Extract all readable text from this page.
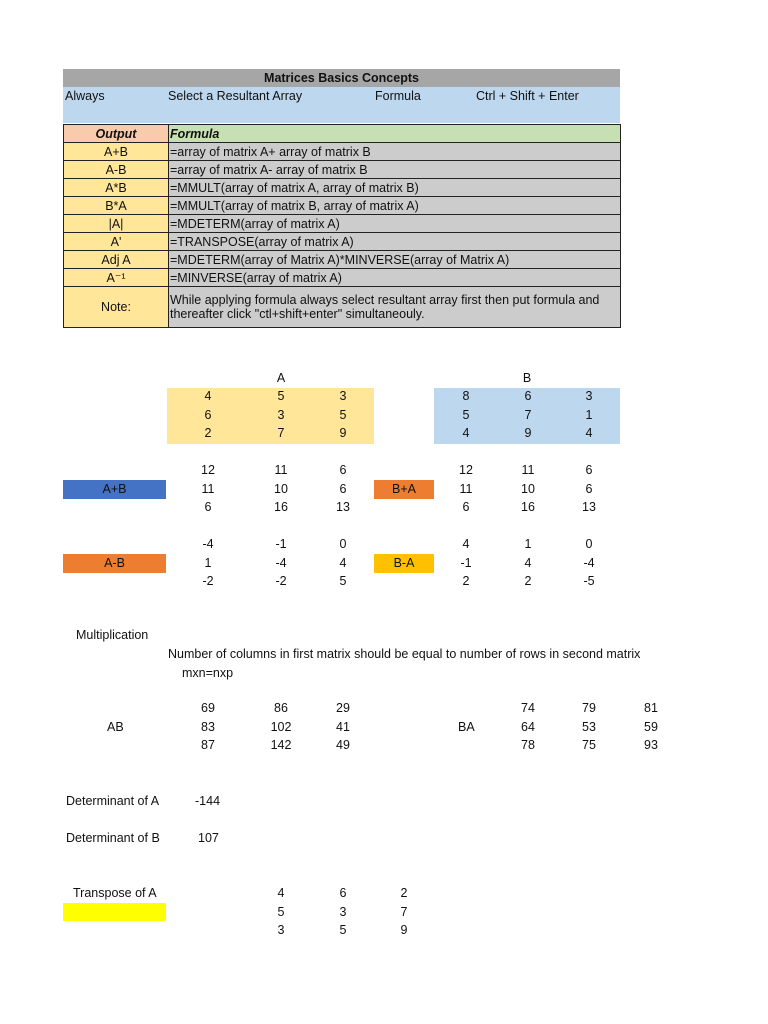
Matrices Basics Concepts
Always	Select a Resultant Array	Formula	Ctrl + Shift + Enter
Output	Formula
A+B	=array of matrix A+ array of matrix B
A-B	=array of matrix A- array of matrix B
A*B	=MMULT(array of matrix A, array of matrix B)
B*A	=MMULT(array of matrix B, array of matrix A)
|A|	=MDETERM(array of matrix A)
A'	=TRANSPOSE(array of matrix A)
Adj A	=MDETERM(array of Matrix A)*MINVERSE(array of Matrix A)
A⁻¹	=MINVERSE(array of matrix A)
Note:	While applying formula always select resultant array first then put formula and thereafter click "ctl+shift+enter" simultaneouly.
A	B
4	5	3
6	3	5
2	7	9
8	6	3
5	7	1
4	9	4
A+B	B+A
12	11	6
11	10	6
6	16	13
12	11	6
11	10	6
6	16	13
A-B	B-A
-4	-1	0
1	-4	4
-2	-2	5
4	1	0
-1	4	-4
2	2	-5
Multiplication
Number of columns in first matrix should be equal to number of rows in second matrix
mxn=nxp
AB	BA
69	86	29
83	102	41
87	142	49
74	79	81
64	53	59
78	75	93
Determinant of A	-144
Determinant of B	107
Transpose of A	4	6	2
5	3	7
3	5	9
